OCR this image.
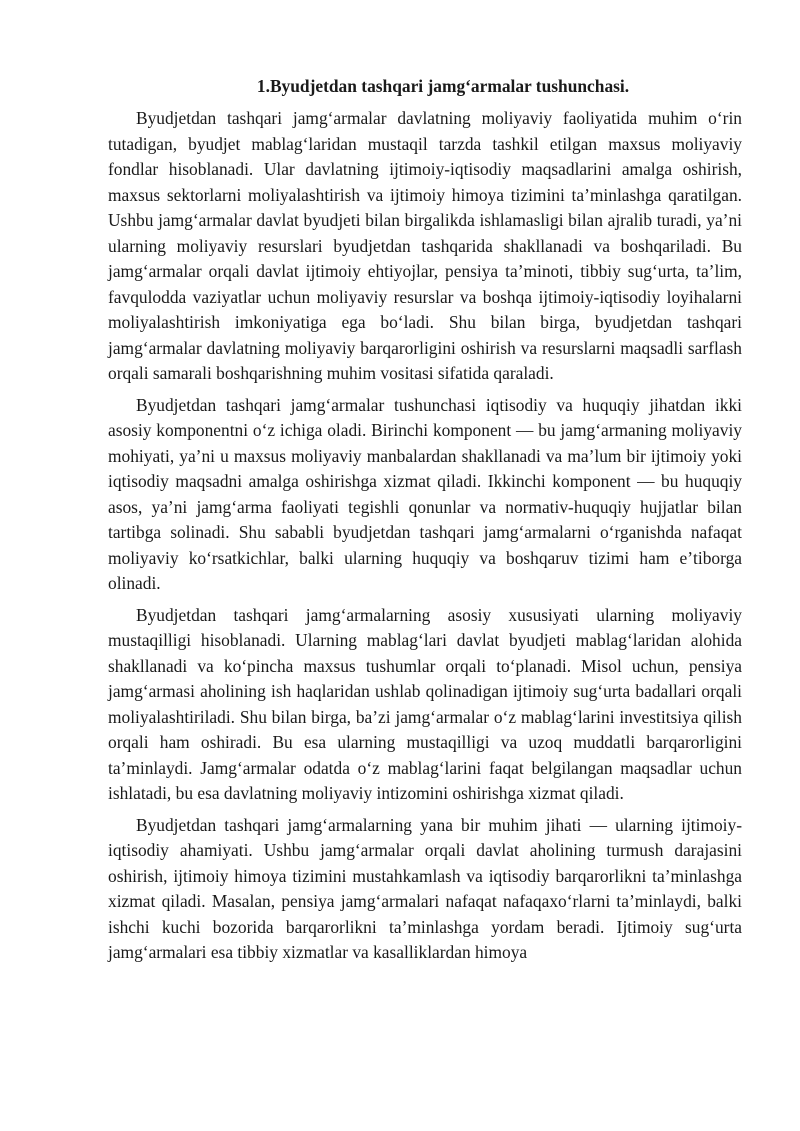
1.Byudjetdan tashqari jamgʻarmalar tushunchasi.

Byudjetdan tashqari jamgʻarmalar davlatning moliyaviy faoliyatida muhim oʻrin tutadigan, byudjet mablagʻlaridan mustaqil tarzda tashkil etilgan maxsus moliyaviy fondlar hisoblanadi. Ular davlatning ijtimoiy-iqtisodiy maqsadlarini amalga oshirish, maxsus sektorlarni moliyalashtirish va ijtimoiy himoya tizimini taʼminlashga qaratilgan. Ushbu jamgʻarmalar davlat byudjeti bilan birgalikda ishlamasligi bilan ajralib turadi, yaʼni ularning moliyaviy resurslari byudjetdan tashqarida shakllanadi va boshqariladi. Bu jamgʻarmalar orqali davlat ijtimoiy ehtiyojlar, pensiya taʼminoti, tibbiy sugʻurta, taʼlim, favqulodda vaziyatlar uchun moliyaviy resurslar va boshqa ijtimoiy-iqtisodiy loyihalarni moliyalashtirish imkoniyatiga ega boʻladi. Shu bilan birga, byudjetdan tashqari jamgʻarmalar davlatning moliyaviy barqarorligini oshirish va resurslarni maqsadli sarflash orqali samarali boshqarishning muhim vositasi sifatida qaraladi.

Byudjetdan tashqari jamgʻarmalar tushunchasi iqtisodiy va huquqiy jihatdan ikki asosiy komponentni oʻz ichiga oladi. Birinchi komponent — bu jamgʻarmaning moliyaviy mohiyati, yaʼni u maxsus moliyaviy manbalardan shakllanadi va maʼlum bir ijtimoiy yoki iqtisodiy maqsadni amalga oshirishga xizmat qiladi. Ikkinchi komponent — bu huquqiy asos, yaʼni jamgʻarma faoliyati tegishli qonunlar va normativ-huquqiy hujjatlar bilan tartibga solinadi. Shu sababli byudjetdan tashqari jamgʻarmalarni oʻrganishda nafaqat moliyaviy koʻrsatkichlar, balki ularning huquqiy va boshqaruv tizimi ham eʼtiborga olinadi.

Byudjetdan tashqari jamgʻarmalarning asosiy xususiyati ularning moliyaviy mustaqilligi hisoblanadi. Ularning mablagʻlari davlat byudjeti mablagʻlaridan alohida shakllanadi va koʻpincha maxsus tushumlar orqali toʻplanadi. Misol uchun, pensiya jamgʻarmasi aholining ish haqlaridan ushlab qolinadigan ijtimoiy sugʻurta badallari orqali moliyalashtiriladi. Shu bilan birga, baʼzi jamgʻarmalar oʻz mablagʻlarini investitsiya qilish orqali ham oshiradi. Bu esa ularning mustaqilligi va uzoq muddatli barqarorligini taʼminlaydi. Jamgʻarmalar odatda oʻz mablagʻlarini faqat belgilangan maqsadlar uchun ishlatadi, bu esa davlatning moliyaviy intizomini oshirishga xizmat qiladi.

Byudjetdan tashqari jamgʻarmalarning yana bir muhim jihati — ularning ijtimoiy-iqtisodiy ahamiyati. Ushbu jamgʻarmalar orqali davlat aholining turmush darajasini oshirish, ijtimoiy himoya tizimini mustahkamlash va iqtisodiy barqarorlikni taʼminlashga xizmat qiladi. Masalan, pensiya jamgʻarmalari nafaqat nafaqaxoʻrlarni taʼminlaydi, balki ishchi kuchi bozorida barqarorlikni taʼminlashga yordam beradi. Ijtimoiy sugʻurta jamgʻarmalari esa tibbiy xizmatlar va kasalliklardan himoya
